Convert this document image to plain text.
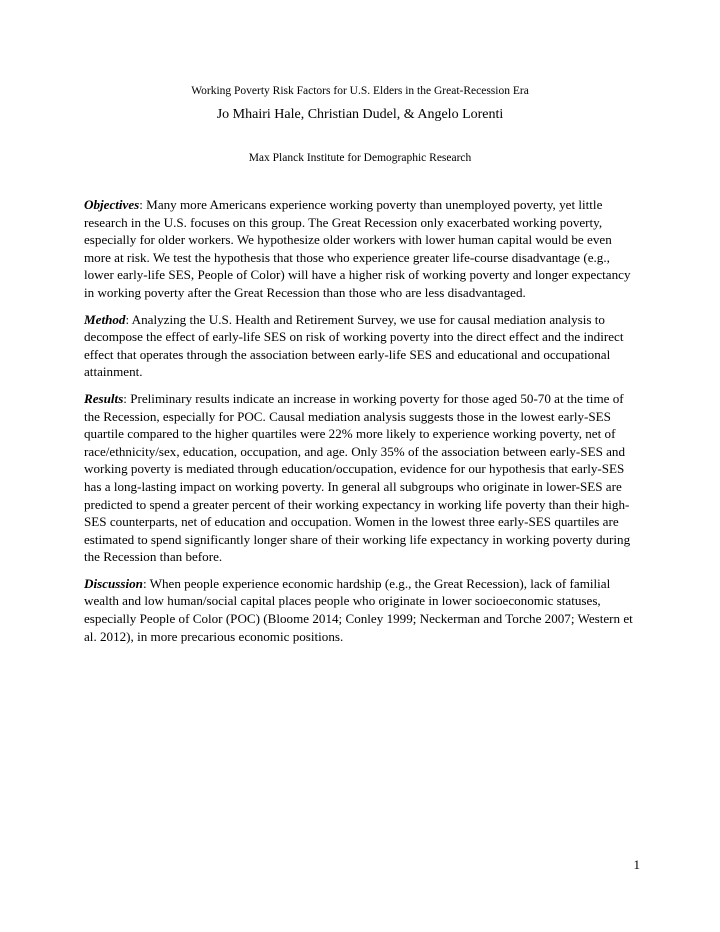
Working Poverty Risk Factors for U.S. Elders in the Great-Recession Era
Jo Mhairi Hale, Christian Dudel, & Angelo Lorenti
Max Planck Institute for Demographic Research

Objectives: Many more Americans experience working poverty than unemployed poverty, yet little research in the U.S. focuses on this group. The Great Recession only exacerbated working poverty, especially for older workers. We hypothesize older workers with lower human capital would be even more at risk. We test the hypothesis that those who experience greater life-course disadvantage (e.g., lower early-life SES, People of Color) will have a higher risk of working poverty and longer expectancy in working poverty after the Great Recession than those who are less disadvantaged.

Method: Analyzing the U.S. Health and Retirement Survey, we use for causal mediation analysis to decompose the effect of early-life SES on risk of working poverty into the direct effect and the indirect effect that operates through the association between early-life SES and educational and occupational attainment.

Results: Preliminary results indicate an increase in working poverty for those aged 50-70 at the time of the Recession, especially for POC. Causal mediation analysis suggests those in the lowest early-SES quartile compared to the higher quartiles were 22% more likely to experience working poverty, net of race/ethnicity/sex, education, occupation, and age. Only 35% of the association between early-SES and working poverty is mediated through education/occupation, evidence for our hypothesis that early-SES has a long-lasting impact on working poverty. In general all subgroups who originate in lower-SES are predicted to spend a greater percent of their working expectancy in working life poverty than their high-SES counterparts, net of education and occupation. Women in the lowest three early-SES quartiles are estimated to spend significantly longer share of their working life expectancy in working poverty during the Recession than before.

Discussion: When people experience economic hardship (e.g., the Great Recession), lack of familial wealth and low human/social capital places people who originate in lower socioeconomic statuses, especially People of Color (POC) (Bloome 2014; Conley 1999; Neckerman and Torche 2007; Western et al. 2012), in more precarious economic positions.

1
